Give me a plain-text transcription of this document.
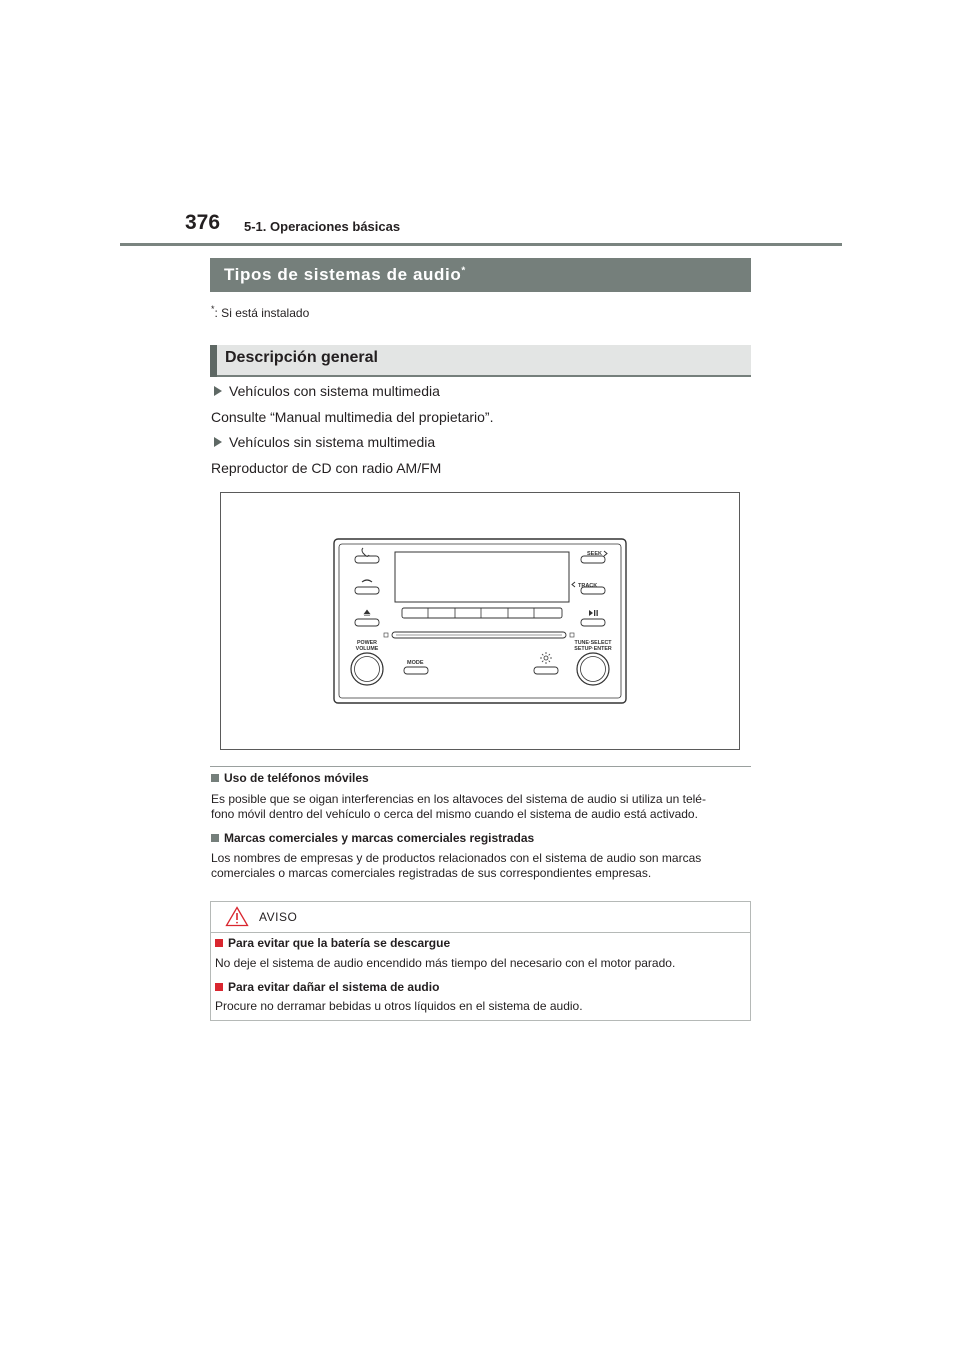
376 5-1. Operaciones básicas
Tipos de sistemas de audio*
*: Si está instalado
Descripción general
Vehículos con sistema multimedia
Consulte “Manual multimedia del propietario”.
Vehículos sin sistema multimedia
Reproductor de CD con radio AM/FM
POWER
VOLUME
TUNE·SELECT
SETUP·ENTER
SEEK
TRACK
MODE
Uso de teléfonos móviles
Es posible que se oigan interferencias en los altavoces del sistema de audio si utiliza un telé-
fono móvil dentro del vehículo o cerca del mismo cuando el sistema de audio está activado.
Marcas comerciales y marcas comerciales registradas
Los nombres de empresas y de productos relacionados con el sistema de audio son marcas
comerciales o marcas comerciales registradas de sus correspondientes empresas.
AVISO
Para evitar que la batería se descargue
No deje el sistema de audio encendido más tiempo del necesario con el motor parado.
Para evitar dañar el sistema de audio
Procure no derramar bebidas u otros líquidos en el sistema de audio.
